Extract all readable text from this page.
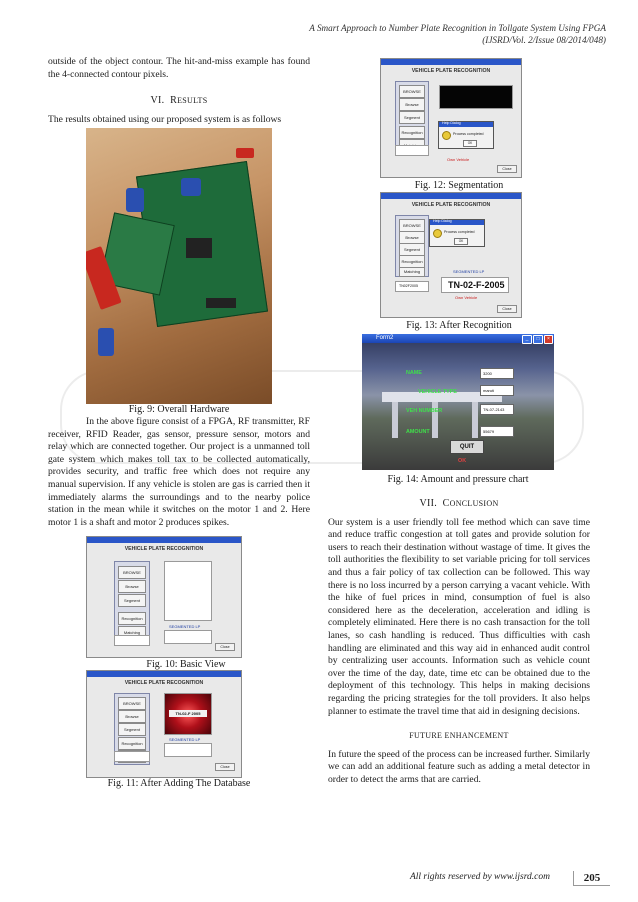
A Smart Approach to Number Plate Recognition in Tollgate System Using FPGA
(IJSRD/Vol. 2/Issue 08/2014/048)

outside of the object contour. The hit-and-miss example has found the 4-connected contour pixels.

VI. RESULTS

The results obtained using our proposed system is as follows

Fig. 9: Overall Hardware

In the above figure consist of a FPGA, RF transmitter, RF receiver, RFID Reader, gas sensor, pressure sensor, motors and relay which are connected together. Our project is a unmanned toll gate system which makes toll tax to be collected automatically, provides security, and traffic free which does not require any manual supervision. If any vehicle is stolen are gas is carried then it immediately alarms the surroundings and to the nearby police station in the mean while it switches on the motor 1 and 2. Here motor 1 is a shaft and motor 2 produces spikes.

VEHICLE PLATE RECOGNITION
BROWSE
Browse
Segment
Recognition
Matching
SEGMENTED LP
Close
Fig. 10: Basic View
VEHICLE PLATE RECOGNITION
BROWSE
Browse
Segment
Recognition
TN-02-F 2005
SEGMENTED LP
Close
Fig. 11: After Adding The Database
VEHICLE PLATE RECOGNITION
BROWSE
Browse
Segment
Recognition
Help Dialog
Process completed
OK
Own Vehicle
Close
Fig. 12: Segmentation
VEHICLE PLATE RECOGNITION
BROWSE
Browse
Segment
Recognition
Matching
Help Dialog
Process completed
OK
SEGMENTED LP
TN-02-F-2005
TN02F2005
Own Vehicle
Close
Fig. 13: After Recognition
Form2	_	□	×
NAME
VEHICLE TYPE
VEH NUMBER
AMOUNT
3200
maruti
TN-07-2143
55679
QUIT
OK
Fig. 14: Amount and pressure chart
VII. CONCLUSION

Our system is a user friendly toll fee method which can save time and reduce traffic congestion at toll gates and provide solution for users to reach their destination without wastage of time. It gives the toll authorities the flexibility to set variable pricing for toll services and thus a fair policy of tax collection can be followed. This way there is no loss incurred by a person carrying a vacant vehicle. With the hike of fuel prices in mind, consumption of fuel is also considered here as the deceleration, acceleration and idling is completely eliminated. Here there is no cash transaction for the toll lanes, so cash handling is reduced. Thus difficulties with cash handling are eliminated and this way aid in enhanced audit control by centralizing user accounts. Information such as vehicle count over the time of the day, date, time etc can be obtained due to the deployment of this technology. This helps in making decisions regarding the pricing strategies for the toll providers. It also helps planner to estimate the travel time that aid in designing decisions.

FUTURE ENHANCEMENT

In future the speed of the process can be increased further. Similarly we can add an additional feature such as adding a metal detector in order to detect the arms that are carried.

All rights reserved by www.ijsrd.com	205
